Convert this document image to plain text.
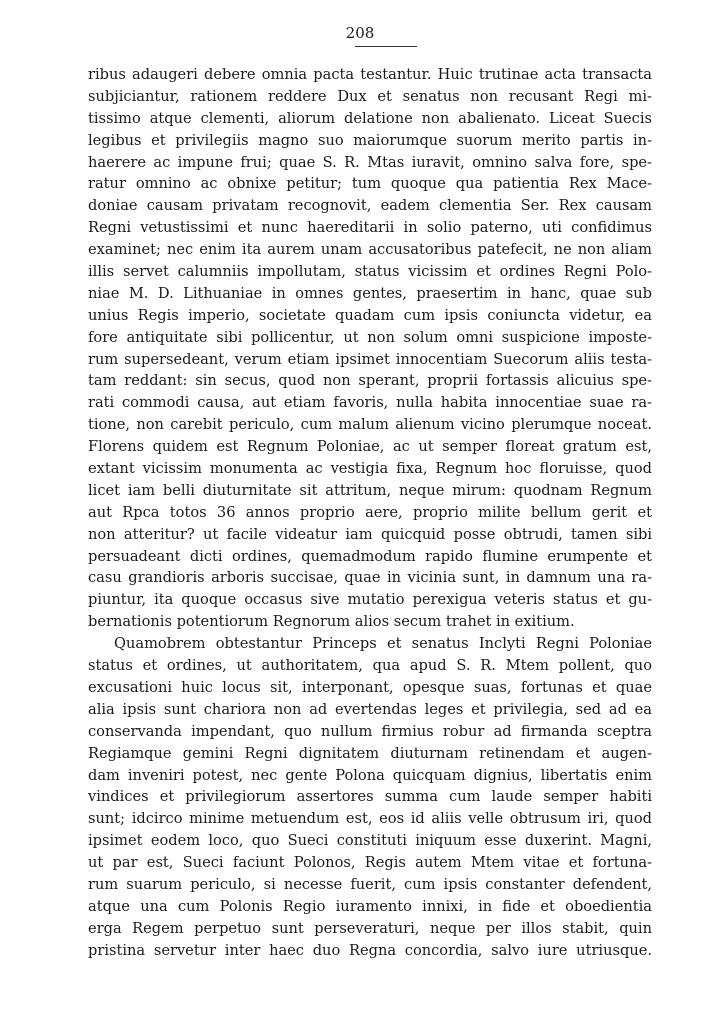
208
ribus adaugeri debere omnia pacta testantur. Huic trutinae acta transacta
subjiciantur, rationem reddere Dux et senatus non recusant Regi mi-
tissimo atque clementi, aliorum delatione non abalienato. Liceat Suecis
legibus et privilegiis magno suo maiorumque suorum merito partis in-
haerere ac impune frui; quae S. R. Mtas iuravit, omnino salva fore, spe-
ratur omnino ac obnixe petitur; tum quoque qua patientia Rex Mace-
doniae causam privatam recognovit, eadem clementia Ser. Rex causam
Regni vetustissimi et nunc haereditarii in solio paterno, uti confidimus
examinet; nec enim ita aurem unam accusatoribus patefecit, ne non aliam
illis servet calumniis impollutam, status vicissim et ordines Regni Polo-
niae M. D. Lithuaniae in omnes gentes, praesertim in hanc, quae sub
unius Regis imperio, societate quadam cum ipsis coniuncta videtur, ea
fore antiquitate sibi pollicentur, ut non solum omni suspicione imposte-
rum supersedeant, verum etiam ipsimet innocentiam Suecorum aliis testa-
tam reddant: sin secus, quod non sperant, proprii fortassis alicuius spe-
rati commodi causa, aut etiam favoris, nulla habita innocentiae suae ra-
tione, non carebit periculo, cum malum alienum vicino plerumque noceat.
Florens quidem est Regnum Poloniae, ac ut semper floreat gratum est,
extant vicissim monumenta ac vestigia fixa, Regnum hoc floruisse, quod
licet iam belli diuturnitate sit attritum, neque mirum: quodnam Regnum
aut Rpca totos 36 annos proprio aere, proprio milite bellum gerit et
non atteritur? ut facile videatur iam quicquid posse obtrudi, tamen sibi
persuadeant dicti ordines, quemadmodum rapido flumine erumpente et
casu grandioris arboris succisae, quae in vicinia sunt, in damnum una ra-
piuntur, ita quoque occasus sive mutatio perexigua veteris status et gu-
bernationis potentiorum Regnorum alios secum trahet in exitium.
Quamobrem obtestantur Princeps et senatus Inclyti Regni Poloniae
status et ordines, ut authoritatem, qua apud S. R. Mtem pollent, quo
excusationi huic locus sit, interponant, opesque suas, fortunas et quae
alia ipsis sunt chariora non ad evertendas leges et privilegia, sed ad ea
conservanda impendant, quo nullum firmius robur ad firmanda sceptra
Regiamque gemini Regni dignitatem diuturnam retinendam et augen-
dam inveniri potest, nec gente Polona quicquam dignius, libertatis enim
vindices et privilegiorum assertores summa cum laude semper habiti
sunt; idcirco minime metuendum est, eos id aliis velle obtrusum iri, quod
ipsimet eodem loco, quo Sueci constituti iniquum esse duxerint. Magni,
ut par est, Sueci faciunt Polonos, Regis autem Mtem vitae et fortuna-
rum suarum periculo, si necesse fuerit, cum ipsis constanter defendent,
atque una cum Polonis Regio iuramento innixi, in fide et oboedientia
erga Regem perpetuo sunt perseveraturi, neque per illos stabit, quin
pristina servetur inter haec duo Regna concordia, salvo iure utriusque.
